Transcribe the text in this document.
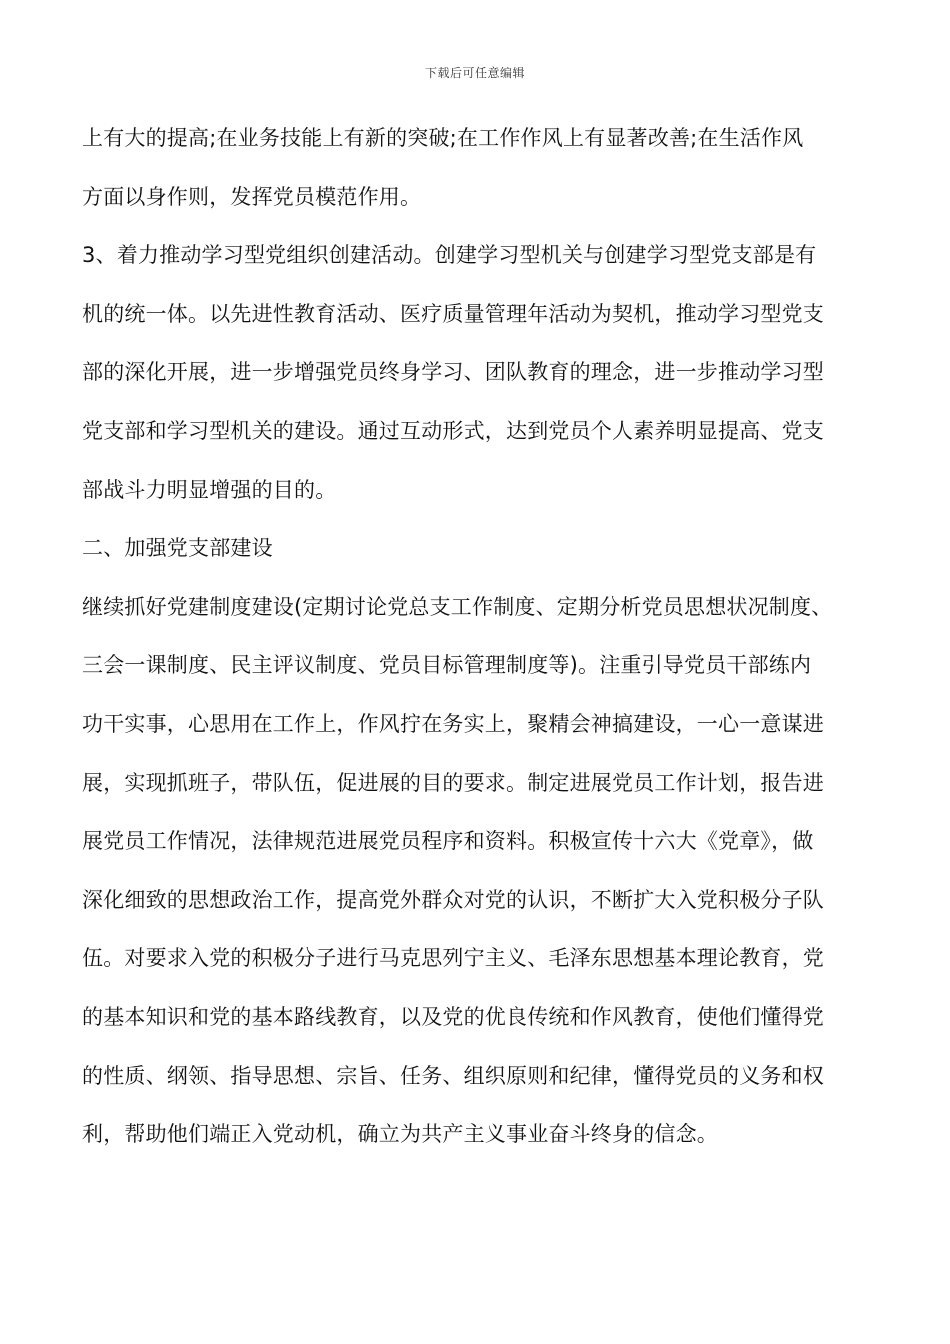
下载后可任意编辑
上有大的提高;在业务技能上有新的突破;在工作作风上有显著改善;在生活作风
方面以身作则，发挥党员模范作用。
3、着力推动学习型党组织创建活动。创建学习型机关与创建学习型党支部是有
机的统一体。以先进性教育活动、医疗质量管理年活动为契机，推动学习型党支
部的深化开展，进一步增强党员终身学习、团队教育的理念，进一步推动学习型
党支部和学习型机关的建设。通过互动形式，达到党员个人素养明显提高、党支
部战斗力明显增强的目的。
二、加强党支部建设
继续抓好党建制度建设(定期讨论党总支工作制度、定期分析党员思想状况制度、
三会一课制度、民主评议制度、党员目标管理制度等)。注重引导党员干部练内
功干实事，心思用在工作上，作风拧在务实上，聚精会神搞建设，一心一意谋进
展，实现抓班子，带队伍，促进展的目的要求。制定进展党员工作计划，报告进
展党员工作情况，法律规范进展党员程序和资料。积极宣传十六大《党章》，做
深化细致的思想政治工作，提高党外群众对党的认识，不断扩大入党积极分子队
伍。对要求入党的积极分子进行马克思列宁主义、毛泽东思想基本理论教育，党
的基本知识和党的基本路线教育，以及党的优良传统和作风教育，使他们懂得党
的性质、纲领、指导思想、宗旨、任务、组织原则和纪律，懂得党员的义务和权
利，帮助他们端正入党动机，确立为共产主义事业奋斗终身的信念。
